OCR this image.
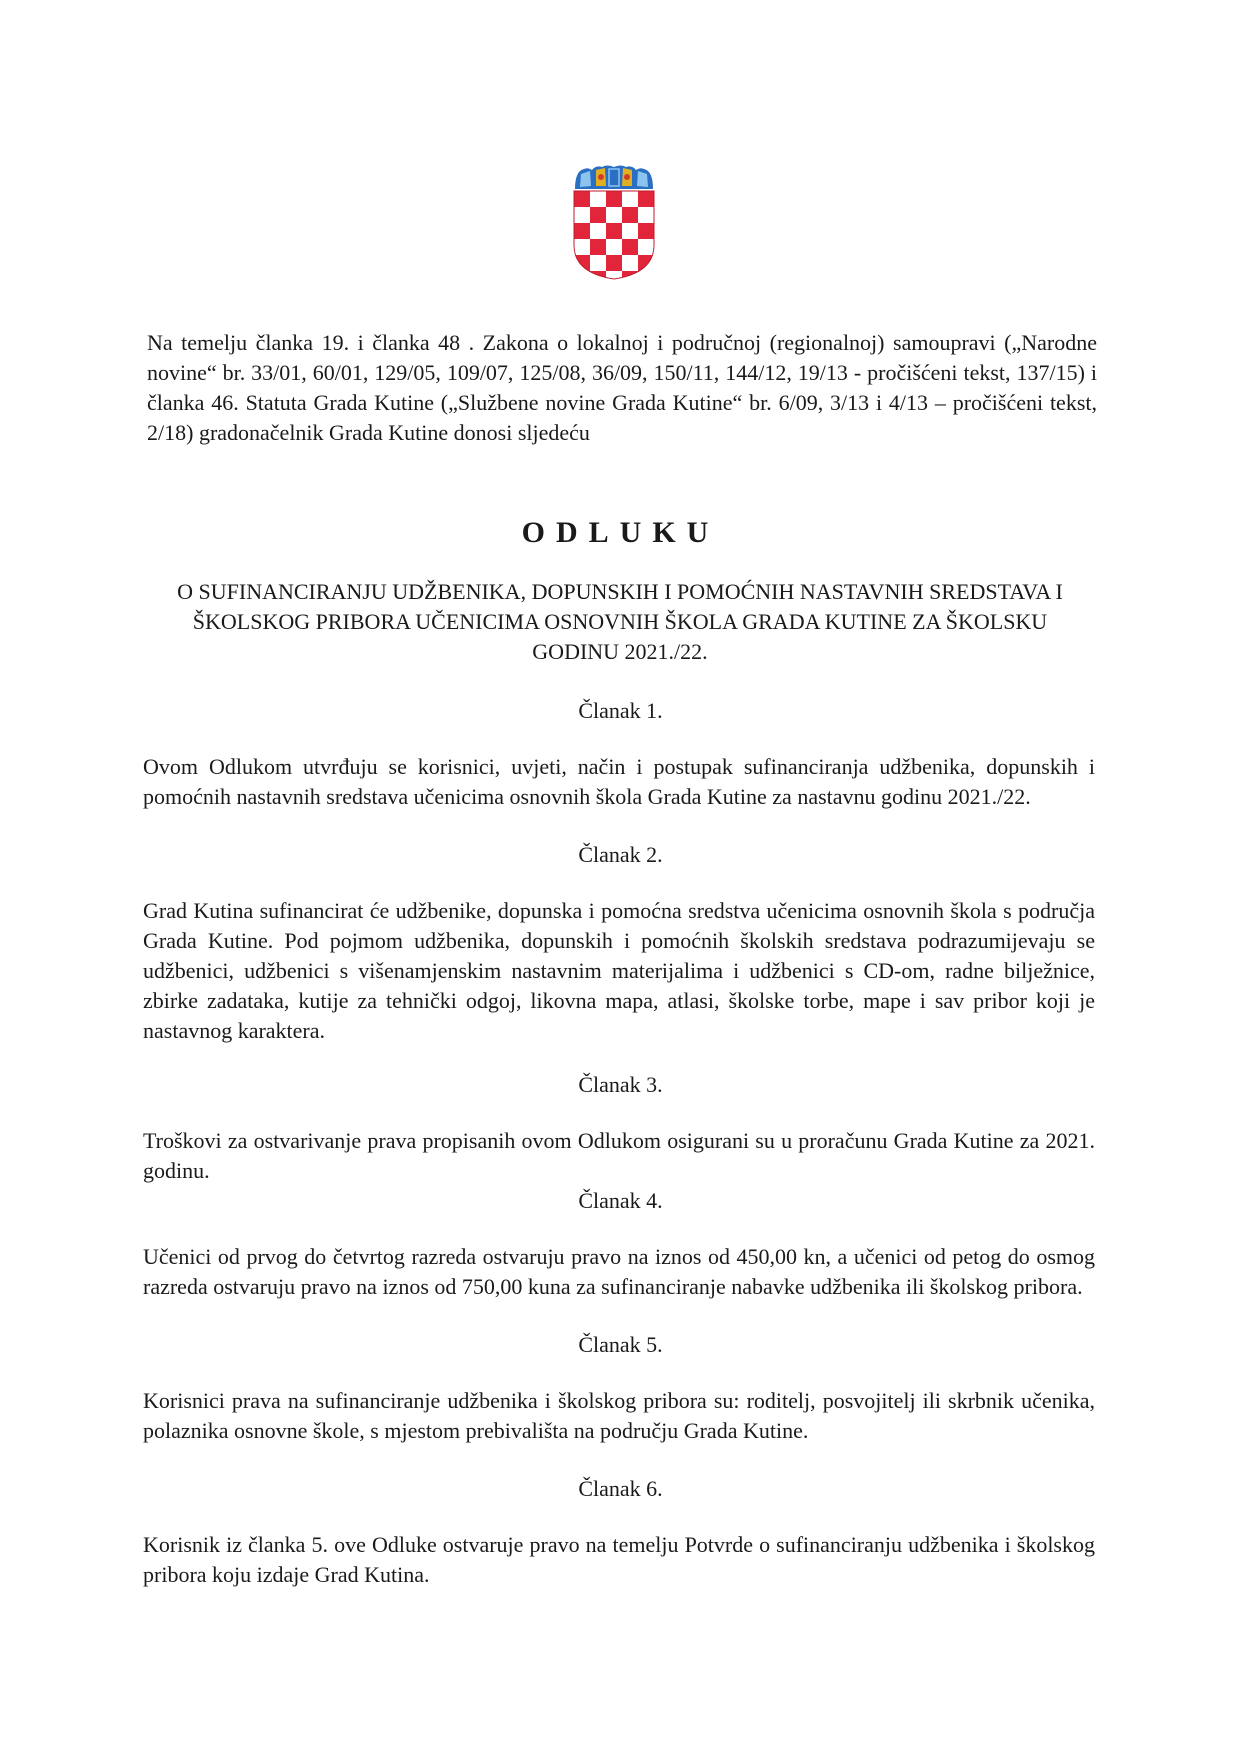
Na temelju članka 19. i članka 48 . Zakona o lokalnoj i područnoj (regionalnoj) samoupravi („Narodne novine“ br. 33/01, 60/01, 129/05, 109/07, 125/08, 36/09, 150/11, 144/12, 19/13 - pročišćeni tekst, 137/15) i članka 46. Statuta Grada Kutine („Službene novine Grada Kutine“ br. 6/09, 3/13 i 4/13 – pročišćeni tekst, 2/18) gradonačelnik Grada Kutine donosi sljedeću
ODLUKU
O SUFINANCIRANJU UDŽBENIKA, DOPUNSKIH I POMOĆNIH NASTAVNIH SREDSTAVA I ŠKOLSKOG PRIBORA UČENICIMA OSNOVNIH ŠKOLA GRADA KUTINE ZA ŠKOLSKU GODINU 2021./22.
Članak 1.
Ovom Odlukom utvrđuju se korisnici, uvjeti, način i postupak sufinanciranja udžbenika, dopunskih i pomoćnih nastavnih sredstava učenicima osnovnih škola Grada Kutine za nastavnu godinu 2021./22.
Članak 2.
Grad Kutina sufinancirat će udžbenike, dopunska i pomoćna sredstva učenicima osnovnih škola s područja Grada Kutine. Pod pojmom udžbenika, dopunskih i pomoćnih školskih sredstava podrazumijevaju se udžbenici, udžbenici s višenamjenskim nastavnim materijalima i udžbenici s CD-om, radne bilježnice, zbirke zadataka, kutije za tehnički odgoj, likovna mapa, atlasi, školske torbe, mape i sav pribor koji je nastavnog karaktera.
Članak 3.
Troškovi za ostvarivanje prava propisanih ovom Odlukom osigurani su u proračunu Grada Kutine za 2021. godinu.
Članak 4.
Učenici od prvog do četvrtog razreda ostvaruju pravo na iznos od 450,00 kn, a učenici od petog do osmog razreda ostvaruju pravo na iznos od 750,00 kuna za sufinanciranje nabavke udžbenika ili školskog pribora.
Članak 5.
Korisnici prava na sufinanciranje udžbenika i školskog pribora su: roditelj, posvojitelj ili skrbnik učenika, polaznika osnovne škole, s mjestom prebivališta na području Grada Kutine.
Članak 6.
Korisnik iz članka 5. ove Odluke ostvaruje pravo na temelju Potvrde o sufinanciranju udžbenika i školskog pribora koju izdaje Grad Kutina.
